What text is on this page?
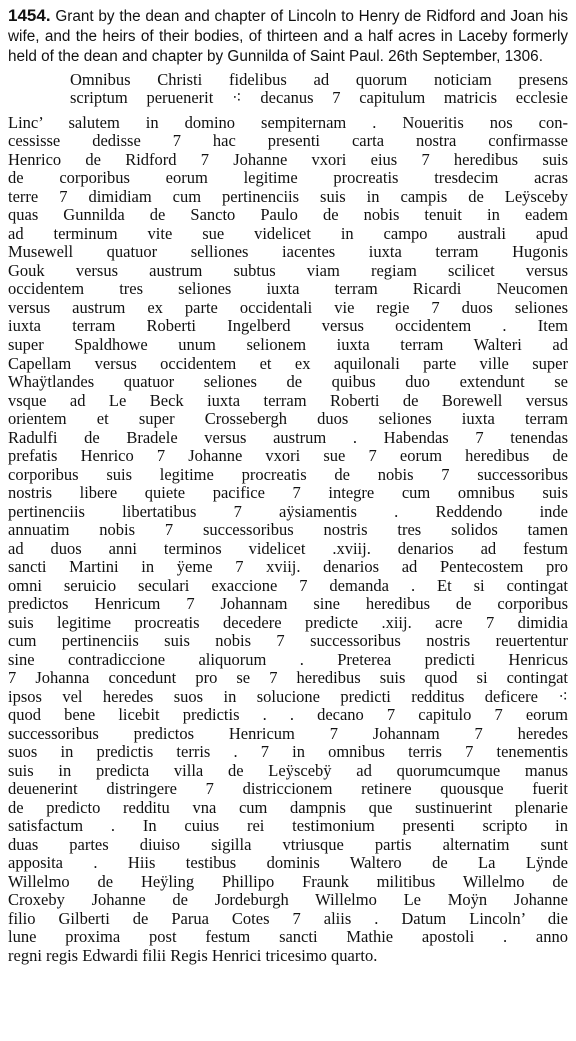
1454. Grant by the dean and chapter of Lincoln to Henry de Ridford and Joan his wife, and the heirs of their bodies, of thirteen and a half acres in Laceby formerly held of the dean and chapter by Gunnilda of Saint Paul. 26th September, 1306.

Omnibus Christi fidelibus ad quorum noticiam presens
scriptum peruenerit ⁖ decanus 7 capitulum matricis ecclesie
Linc’ salutem in domino sempiternam . Noueritis nos con-
cessisse dedisse 7 hac presenti carta nostra confirmasse
Henrico de Ridford 7 Johanne vxori eius 7 heredibus suis
de corporibus eorum legitime procreatis tresdecim acras
terre 7 dimidiam cum pertinenciis suis in campis de Leÿsceby
quas Gunnilda de Sancto Paulo de nobis tenuit in eadem
ad terminum vite sue videlicet in campo australi apud
Musewell quatuor selliones iacentes iuxta terram Hugonis
Gouk versus austrum subtus viam regiam scilicet versus
occidentem tres seliones iuxta terram Ricardi Neucomen
versus austrum ex parte occidentali vie regie 7 duos seliones
iuxta terram Roberti Ingelberd versus occidentem . Item
super Spaldhowe unum selionem iuxta terram Walteri ad
Capellam versus occidentem et ex aquilonali parte ville super
Whaÿtlandes quatuor seliones de quibus duo extendunt se
vsque ad Le Beck iuxta terram Roberti de Borewell versus
orientem et super Crossebergh duos seliones iuxta terram
Radulfi de Bradele versus austrum . Habendas 7 tenendas
prefatis Henrico 7 Johanne vxori sue 7 eorum heredibus de
corporibus suis legitime procreatis de nobis 7 successoribus
nostris libere quiete pacifice 7 integre cum omnibus suis
pertinenciis libertatibus 7 aÿsiamentis . Reddendo inde
annuatim nobis 7 successoribus nostris tres solidos tamen
ad duos anni terminos videlicet .xviij. denarios ad festum
sancti Martini in ÿeme 7 xviij. denarios ad Pentecostem pro
omni seruicio seculari exaccione 7 demanda . Et si contingat
predictos Henricum 7 Johannam sine heredibus de corporibus
suis legitime procreatis decedere predicte .xiij. acre 7 dimidia
cum pertinenciis suis nobis 7 successoribus nostris reuertentur
sine contradiccione aliquorum . Preterea predicti Henricus
7 Johanna concedunt pro se 7 heredibus suis quod si contingat
ipsos vel heredes suos in solucione predicti redditus deficere ⁖
quod bene licebit predictis . . decano 7 capitulo 7 eorum
successoribus predictos Henricum 7 Johannam 7 heredes
suos in predictis terris . 7 in omnibus terris 7 tenementis
suis in predicta villa de Leÿscebÿ ad quorumcumque manus
deuenerint distringere 7 districcionem retinere quousque fuerit
de predicto redditu vna cum dampnis que sustinuerint plenarie
satisfactum . In cuius rei testimonium presenti scripto in
duas partes diuiso sigilla vtriusque partis alternatim sunt
apposita . Hiis testibus dominis Waltero de La Lÿnde
Willelmo de Heÿling Phillipo Fraunk militibus Willelmo de
Croxeby Johanne de Jordeburgh Willelmo Le Moÿn Johanne
filio Gilberti de Parua Cotes 7 aliis . Datum Lincoln’ die
lune proxima post festum sancti Mathie apostoli . anno
regni regis Edwardi filii Regis Henrici tricesimo quarto.
